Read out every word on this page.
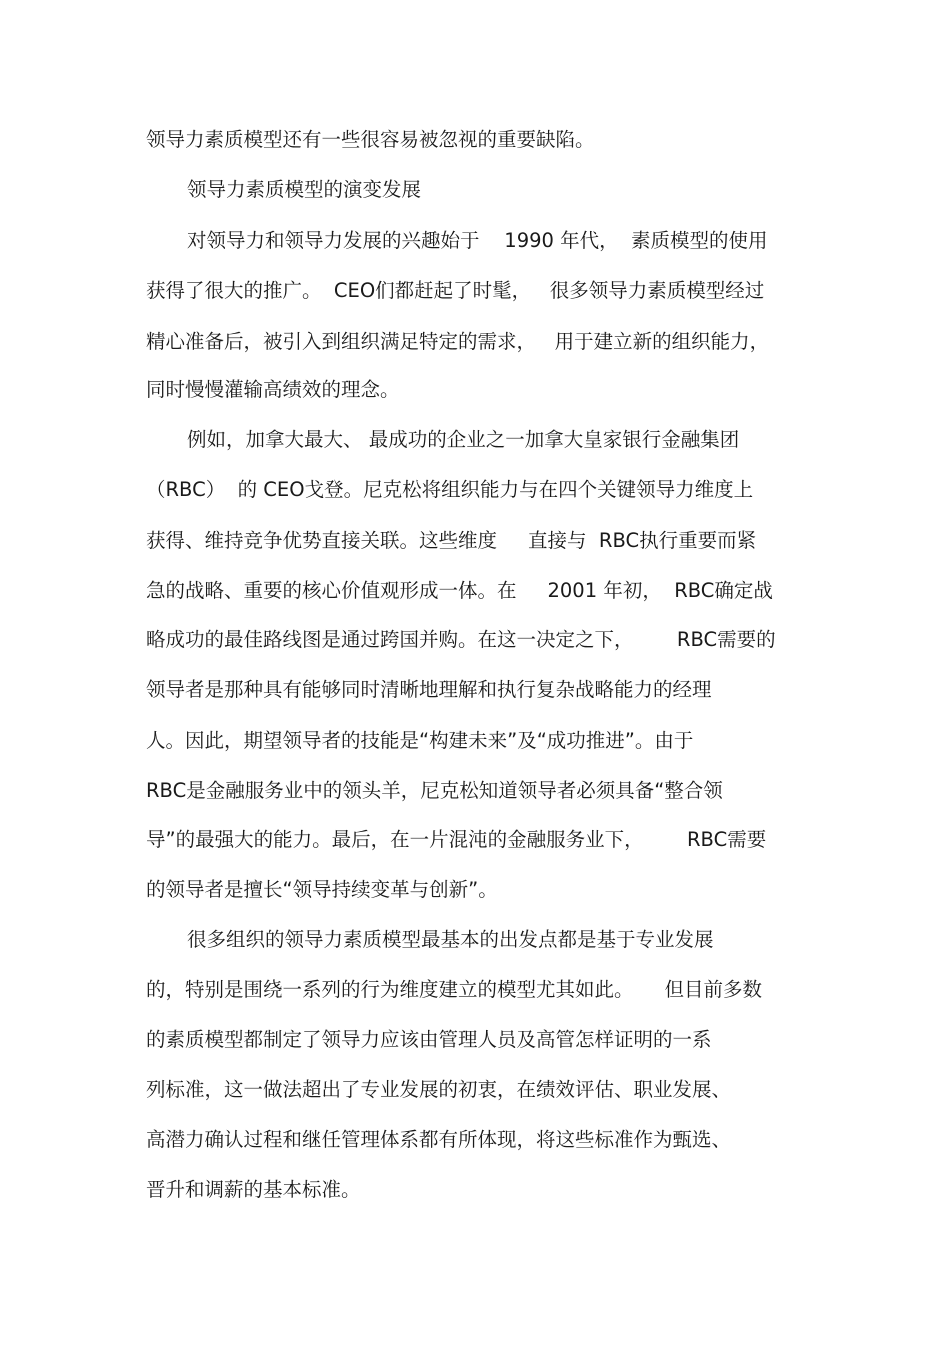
领导力素质模型还有一些很容易被忽视的重要缺陷。
领导力素质模型的演变发展
对领导力和领导力发展的兴趣始于    1990 年代，  素质模型的使用
获得了很大的推广。  CEO们都赶起了时髦，   很多领导力素质模型经过
精心准备后，被引入到组织满足特定的需求，   用于建立新的组织能力，
同时慢慢灌输高绩效的理念。
例如，加拿大最大、 最成功的企业之一加拿大皇家银行金融集团
（RBC）  的 CEO戈登。尼克松将组织能力与在四个关键领导力维度上
获得、维持竞争优势直接关联。这些维度     直接与  RBC执行重要而紧
急的战略、重要的核心价值观形成一体。在     2001 年初，  RBC确定战
略成功的最佳路线图是通过跨国并购。在这一决定之下，       RBC需要的
领导者是那种具有能够同时清晰地理解和执行复杂战略能力的经理
人。因此，期望领导者的技能是“构建未来”及“成功推进”。由于
RBC是金融服务业中的领头羊，尼克松知道领导者必须具备“整合领
导”的最强大的能力。最后，在一片混沌的金融服务业下，       RBC需要
的领导者是擅长“领导持续变革与创新”。
很多组织的领导力素质模型最基本的出发点都是基于专业发展
的，特别是围绕一系列的行为维度建立的模型尤其如此。     但目前多数
的素质模型都制定了领导力应该由管理人员及高管怎样证明的一系
列标准，这一做法超出了专业发展的初衷，在绩效评估、职业发展、
高潜力确认过程和继任管理体系都有所体现，将这些标准作为甄选、
晋升和调薪的基本标准。
